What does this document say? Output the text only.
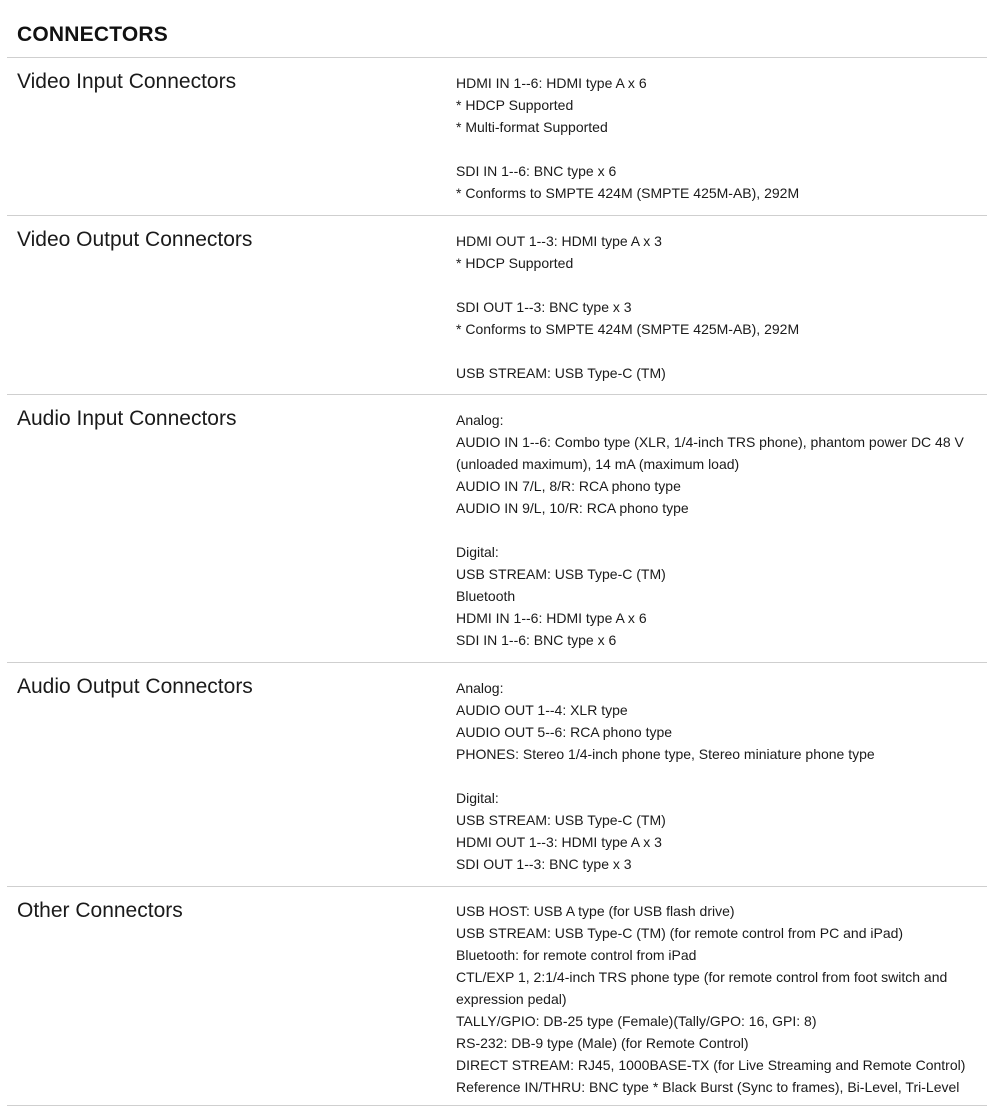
CONNECTORS
Video Input Connectors	HDMI IN 1--6: HDMI type A x 6
* HDCP Supported
* Multi-format Supported
SDI IN 1--6: BNC type x 6
* Conforms to SMPTE 424M (SMPTE 425M-AB), 292M
Video Output Connectors	HDMI OUT 1--3: HDMI type A x 3
* HDCP Supported
SDI OUT 1--3: BNC type x 3
* Conforms to SMPTE 424M (SMPTE 425M-AB), 292M
USB STREAM: USB Type-C (TM)
Audio Input Connectors	Analog:
AUDIO IN 1--6: Combo type (XLR, 1/4-inch TRS phone), phantom power DC 48 V (unloaded maximum), 14 mA (maximum load)
AUDIO IN 7/L, 8/R: RCA phono type
AUDIO IN 9/L, 10/R: RCA phono type
Digital:
USB STREAM: USB Type-C (TM)
Bluetooth
HDMI IN 1--6: HDMI type A x 6
SDI IN 1--6: BNC type x 6
Audio Output Connectors	Analog:
AUDIO OUT 1--4: XLR type
AUDIO OUT 5--6: RCA phono type
PHONES: Stereo 1/4-inch phone type, Stereo miniature phone type
Digital:
USB STREAM: USB Type-C (TM)
HDMI OUT 1--3: HDMI type A x 3
SDI OUT 1--3: BNC type x 3
Other Connectors	USB HOST: USB A type (for USB flash drive)
USB STREAM: USB Type-C (TM) (for remote control from PC and iPad)
Bluetooth: for remote control from iPad
CTL/EXP 1, 2:1/4-inch TRS phone type (for remote control from foot switch and expression pedal)
TALLY/GPIO: DB-25 type (Female)(Tally/GPO: 16, GPI: 8)
RS-232: DB-9 type (Male) (for Remote Control)
DIRECT STREAM: RJ45, 1000BASE-TX (for Live Streaming and Remote Control)
Reference IN/THRU: BNC type * Black Burst (Sync to frames), Bi-Level, Tri-Level
